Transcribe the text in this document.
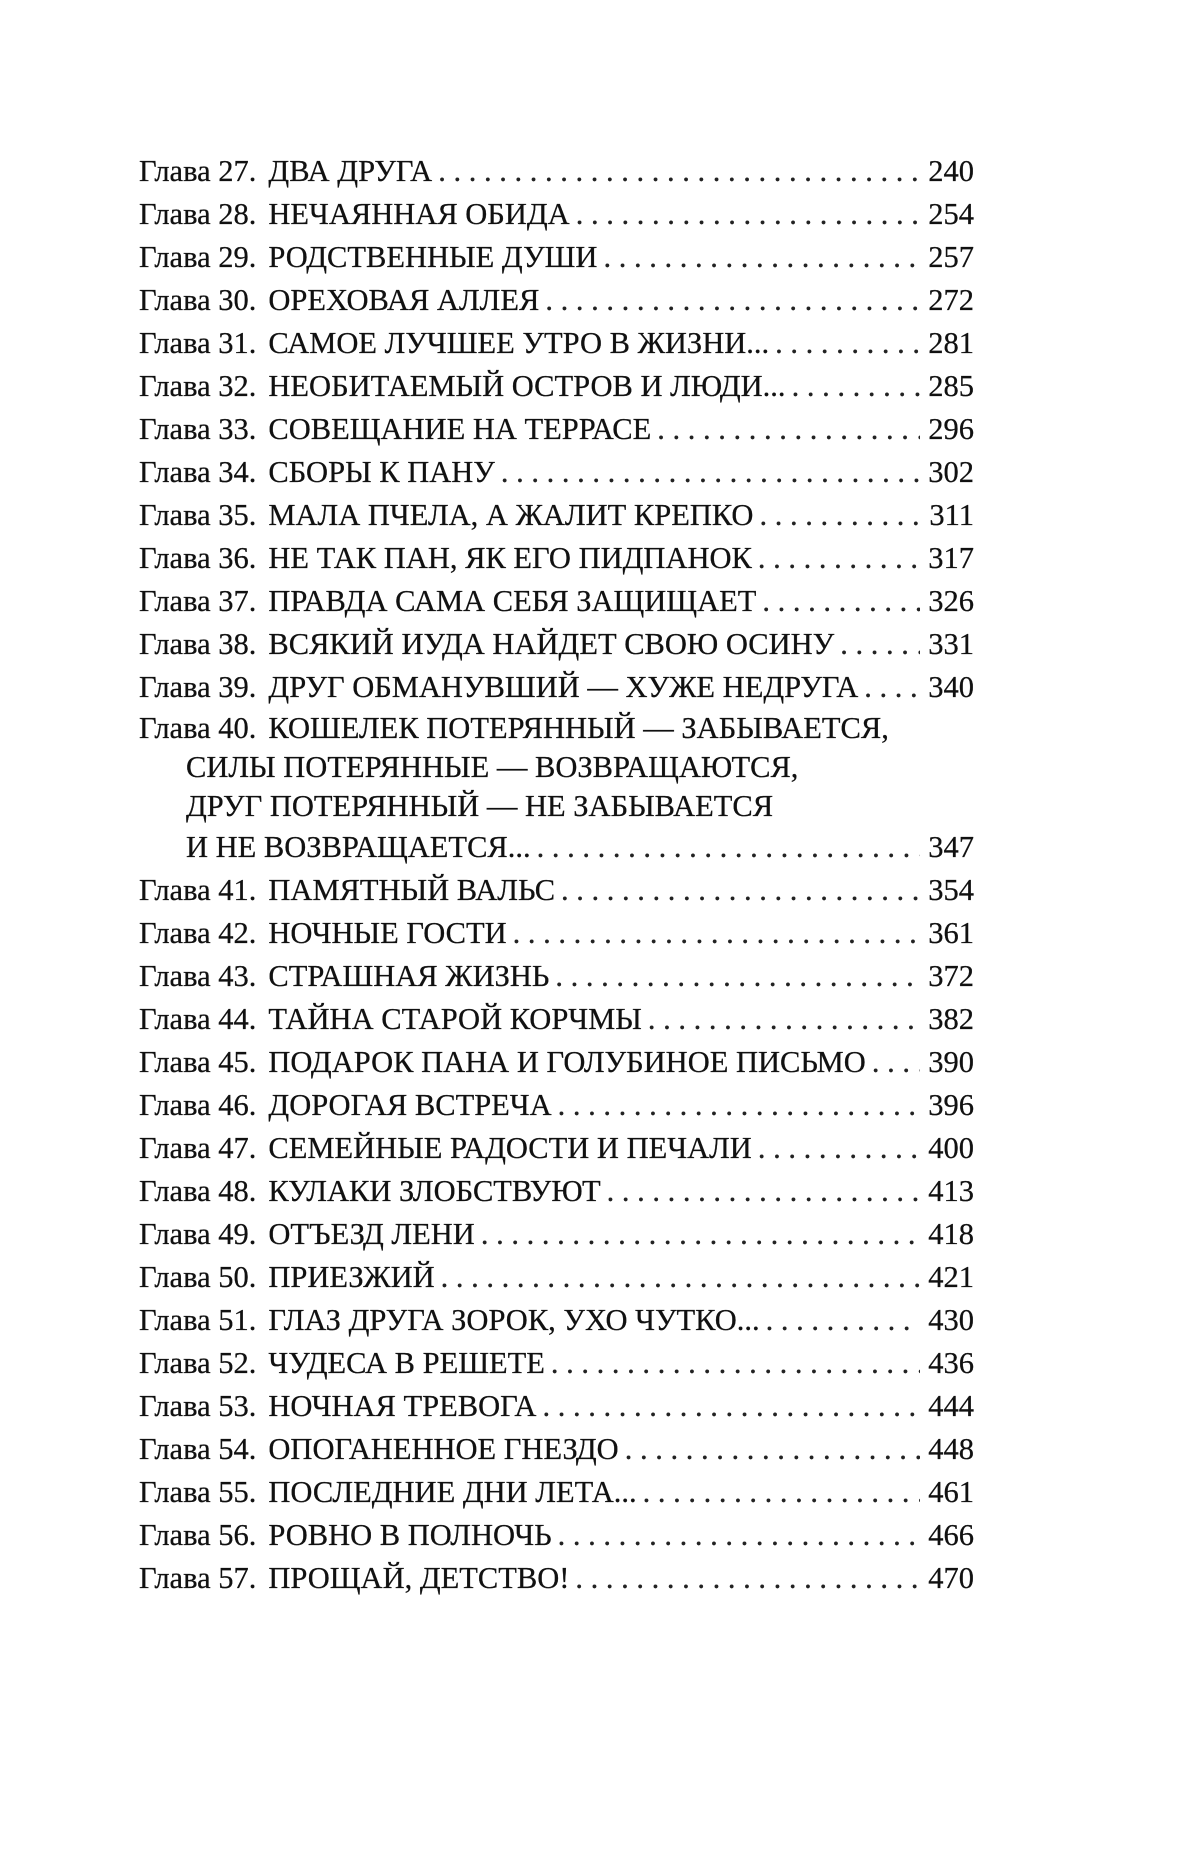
Глава 27. ДВА ДРУГА . . .	240
Глава 28. НЕЧАЯННАЯ ОБИДА . . .	254
Глава 29. РОДСТВЕННЫЕ ДУШИ . . .	257
Глава 30. ОРЕХОВАЯ АЛЛЕЯ . . .	272
Глава 31. САМОЕ ЛУЧШЕЕ УТРО В ЖИЗНИ... . . .	281
Глава 32. НЕОБИТАЕМЫЙ ОСТРОВ И ЛЮДИ... . . .	285
Глава 33. СОВЕЩАНИЕ НА ТЕРРАСЕ . . .	296
Глава 34. СБОРЫ К ПАНУ . . .	302
Глава 35. МАЛА ПЧЕЛА, А ЖАЛИТ КРЕПКО . . .	311
Глава 36. НЕ ТАК ПАН, ЯК ЕГО ПИДПАНОК . . .	317
Глава 37. ПРАВДА САМА СЕБЯ ЗАЩИЩАЕТ . . .	326
Глава 38. ВСЯКИЙ ИУДА НАЙДЕТ СВОЮ ОСИНУ . . .	331
Глава 39. ДРУГ ОБМАНУВШИЙ — ХУЖЕ НЕДРУГА . . . 340
Глава 40. КОШЕЛЕК ПОТЕРЯННЫЙ — ЗАБЫВАЕТСЯ,
СИЛЫ ПОТЕРЯННЫЕ — ВОЗВРАЩАЮТСЯ,
ДРУГ ПОТЕРЯННЫЙ — НЕ ЗАБЫВАЕТСЯ
И НЕ ВОЗВРАЩАЕТСЯ... . . .	347
Глава 41. ПАМЯТНЫЙ ВАЛЬС . . .	354
Глава 42. НОЧНЫЕ ГОСТИ . . .	361
Глава 43. СТРАШНАЯ ЖИЗНЬ . . .	372
Глава 44. ТАЙНА СТАРОЙ КОРЧМЫ . . .	382
Глава 45. ПОДАРОК ПАНА И ГОЛУБИНОЕ ПИСЬМО . . . 390
Глава 46. ДОРОГАЯ ВСТРЕЧА . . .	396
Глава 47. СЕМЕЙНЫЕ РАДОСТИ И ПЕЧАЛИ . . .	400
Глава 48. КУЛАКИ ЗЛОБСТВУЮТ . . .	413
Глава 49. ОТЪЕЗД ЛЕНИ . . .	418
Глава 50. ПРИЕЗЖИЙ . . .	421
Глава 51. ГЛАЗ ДРУГА ЗОРОК, УХО ЧУТКО... . . .	430
Глава 52. ЧУДЕСА В РЕШЕТЕ . . .	436
Глава 53. НОЧНАЯ ТРЕВОГА . . .	444
Глава 54. ОПОГАНЕННОЕ ГНЕЗДО . . .	448
Глава 55. ПОСЛЕДНИЕ ДНИ ЛЕТА... . . .	461
Глава 56. РОВНО В ПОЛНОЧЬ . . .	466
Глава 57. ПРОЩАЙ, ДЕТСТВО! . . .	470
